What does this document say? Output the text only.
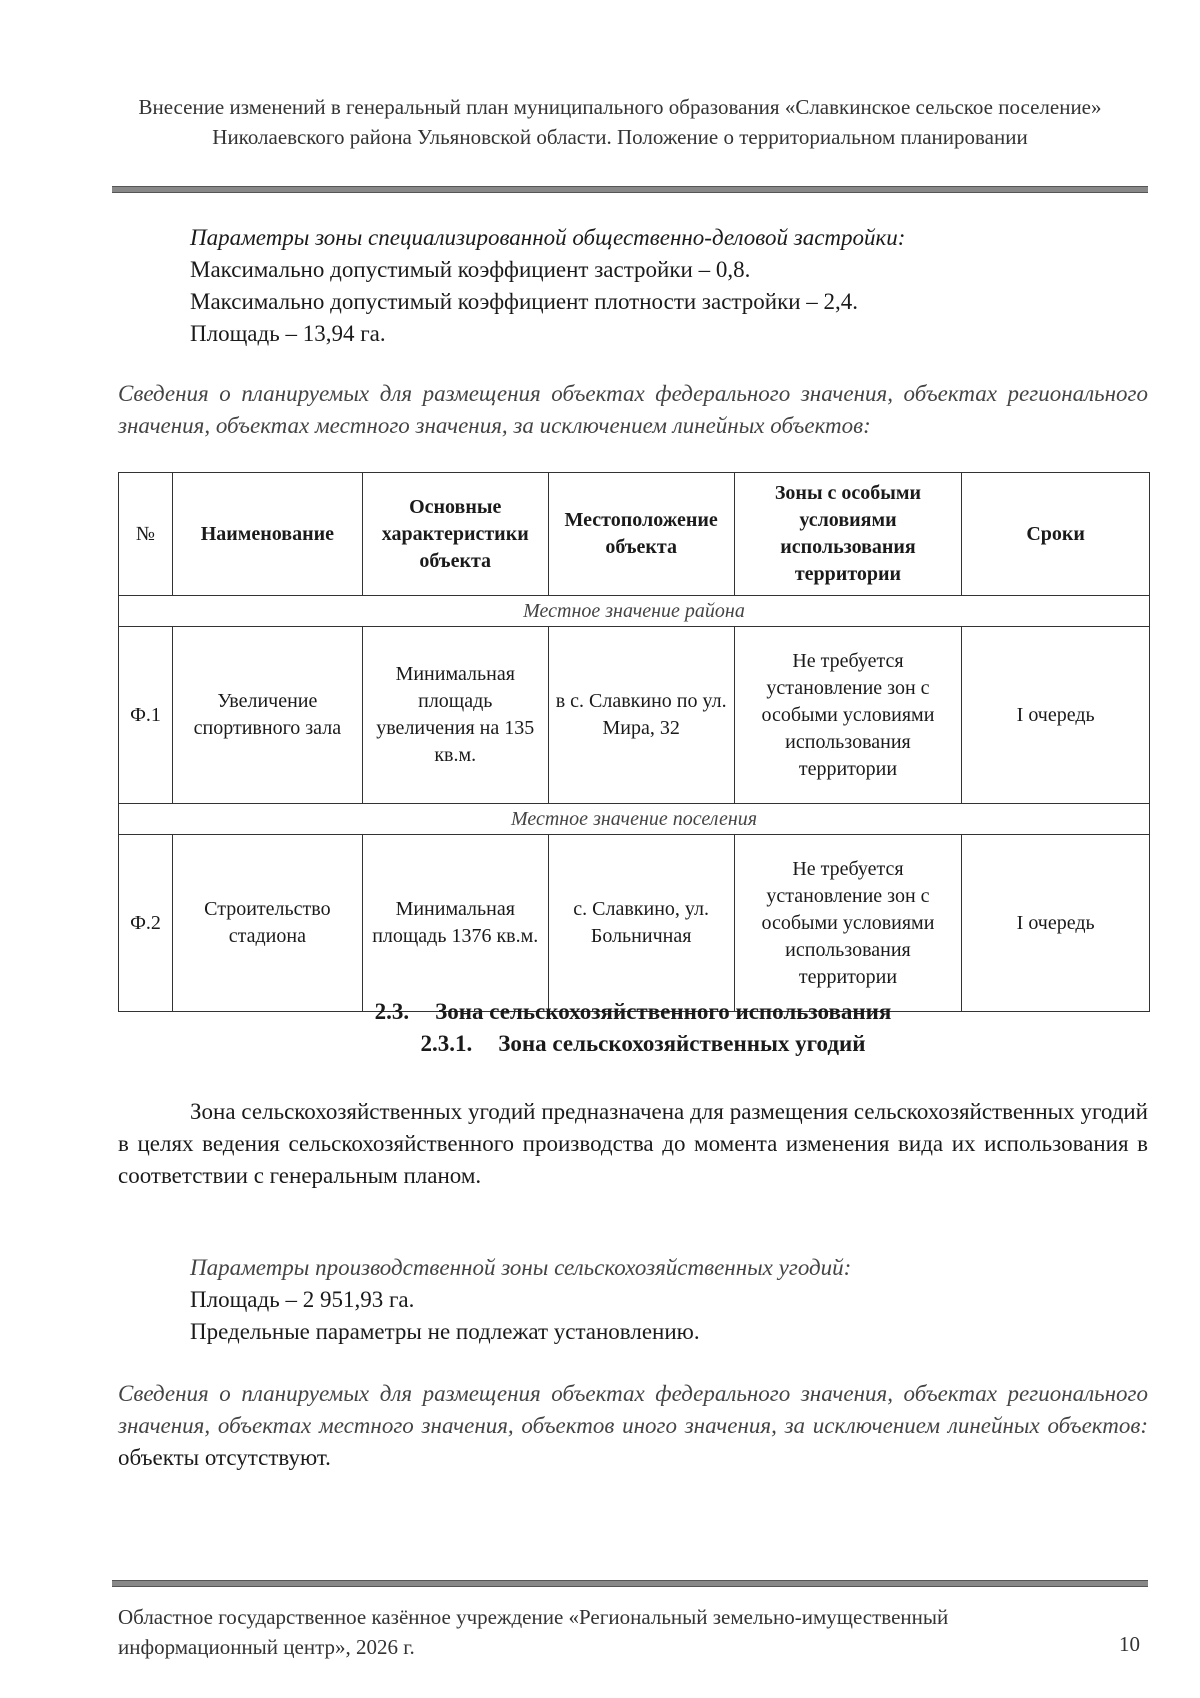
Внесение изменений в генеральный план муниципального образования «Славкинское сельское поселение» Николаевского района Ульяновской области. Положение о территориальном планировании
Параметры зоны специализированной общественно-деловой застройки:
Максимально допустимый коэффициент застройки – 0,8.
Максимально допустимый коэффициент плотности застройки – 2,4.
Площадь – 13,94 га.
Сведения о планируемых для размещения объектах федерального значения, объектах регионального значения, объектах местного значения, за исключением линейных объектов:
№	Наименование	Основные характеристики объекта	Местоположение объекта	Зоны с особыми условиями использования территории	Сроки
Местное значение района					
Ф.1	Увеличение спортивного зала	Минимальная площадь увеличения на 135 кв.м.	в с. Славкино по ул. Мира, 32	Не требуется установление зон с особыми условиями использования территории	I очередь
Местное значение поселения					
Ф.2	Строительство стадиона	Минимальная площадь 1376 кв.м.	с. Славкино, ул. Больничная	Не требуется установление зон с особыми условиями использования территории	I очередь
2.3. Зона сельскохозяйственного использования
2.3.1. Зона сельскохозяйственных угодий
Зона сельскохозяйственных угодий предназначена для размещения сельскохозяйственных угодий в целях ведения сельскохозяйственного производства до момента изменения вида их использования в соответствии с генеральным планом.
Параметры производственной зоны сельскохозяйственных угодий:
Площадь – 2 951,93 га.
Предельные параметры не подлежат установлению.
Сведения о планируемых для размещения объектах федерального значения, объектах регионального значения, объектах местного значения, объектов иного значения, за исключением линейных объектов: объекты отсутствуют.
Областное государственное казённое учреждение «Региональный земельно-имущественный информационный центр», 2026 г.	10
